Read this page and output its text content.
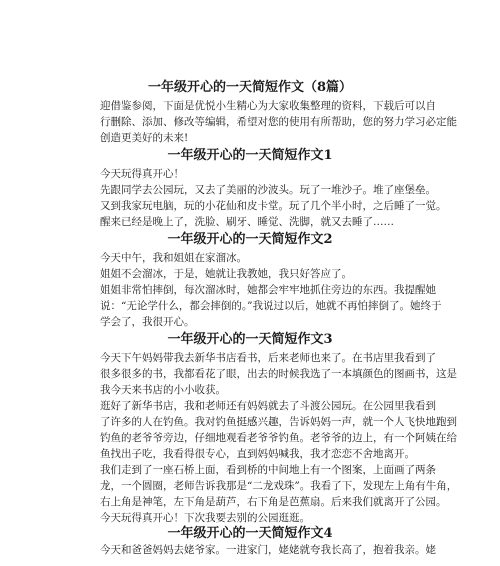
一年级开心的一天简短作文（8篇）
迎借鉴参阅，下面是优悦小生精心为大家收集整理的资料，下载后可以自
行删除、添加、修改等编辑，希望对您的使用有所帮助，您的努力学习必定能
创造更美好的未来!
一年级开心的一天简短作文1
今天玩得真开心！
先跟同学去公园玩，又去了美丽的沙波头。玩了一堆沙子。堆了座堡垒。
又到我家玩电脑，玩的小花仙和皮卡堂。玩了几个半小时，之后睡了一觉。
醒来已经是晚上了，洗脸、刷牙、睡觉、洗脚，就又去睡了……
一年级开心的一天简短作文2
今天中午，我和姐姐在家溜冰。
姐姐不会溜冰，于是，她就让我教她，我只好答应了。
姐姐非常怕摔倒，每次溜冰时，她都会牢牢地抓住旁边的东西。我提醒她
说：“无论学什么，都会摔倒的。”我说过以后，她就不再怕摔倒了。她终于
学会了，我很开心。
一年级开心的一天简短作文3
今天下午妈妈带我去新华书店看书，后来老师也来了。在书店里我看到了
很多很多的书，我都看花了眼，出去的时候我选了一本填颜色的图画书，这是
我今天来书店的小小收获。
逛好了新华书店，我和老师还有妈妈就去了斗渡公园玩。在公园里我看到
了许多的人在钓鱼。我对钓鱼挺感兴趣，告诉妈妈一声，就一个人飞快地跑到
钓鱼的老爷爷旁边，仔细地观看老爷爷钓鱼。老爷爷的边上，有一个阿姨在给
鱼找出子吃，我看得很专心，直到妈妈喊我，我才恋恋不舍地离开。
我们走到了一座石桥上面，看到桥的中间地上有一个图案，上面画了两条
龙，一个圆圈，老师告诉我那是“二龙戏珠”。我看了下，发现左上角有牛角，
右上角是神笔，左下角是葫芦，右下角是芭蕉扇。后来我们就离开了公园。
今天玩得真开心！下次我要去别的公园逛逛。
一年级开心的一天简短作文4
今天和爸爸妈妈去姥爷家。一进家门，姥姥就夸我长高了，抱着我亲。姥
